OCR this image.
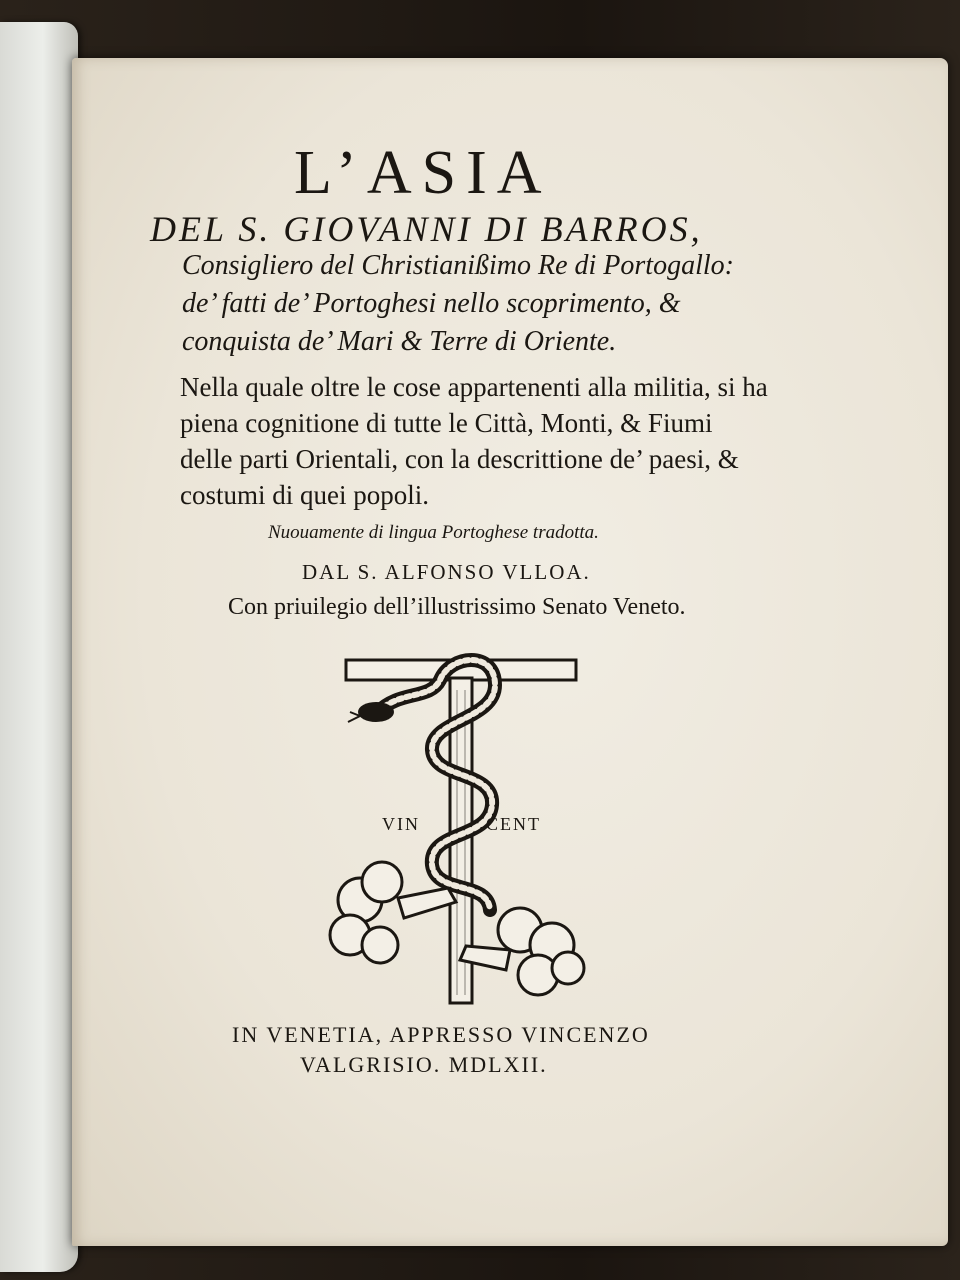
L’ASIA
DEL S. GIOVANNI DI BARROS,
Consigliero del Christianißimo Re di Portogallo:
de’ fatti de’ Portoghesi nello scoprimento, &
conquista de’ Mari & Terre di Oriente.
Nella quale oltre le cose appartenenti alla militia, si ha
piena cognitione di tutte le Città, Monti, & Fiumi
delle parti Orientali, con la descrittione de’ paesi, &
costumi di quei popoli.
Nuouamente di lingua Portoghese tradotta.
DAL S. ALFONSO VLLOA.
Con priuilegio dell’illustrissimo Senato Veneto.
VIN	CENT
IN VENETIA, APPRESSO VINCENZO
VALGRISIO. MDLXII.
